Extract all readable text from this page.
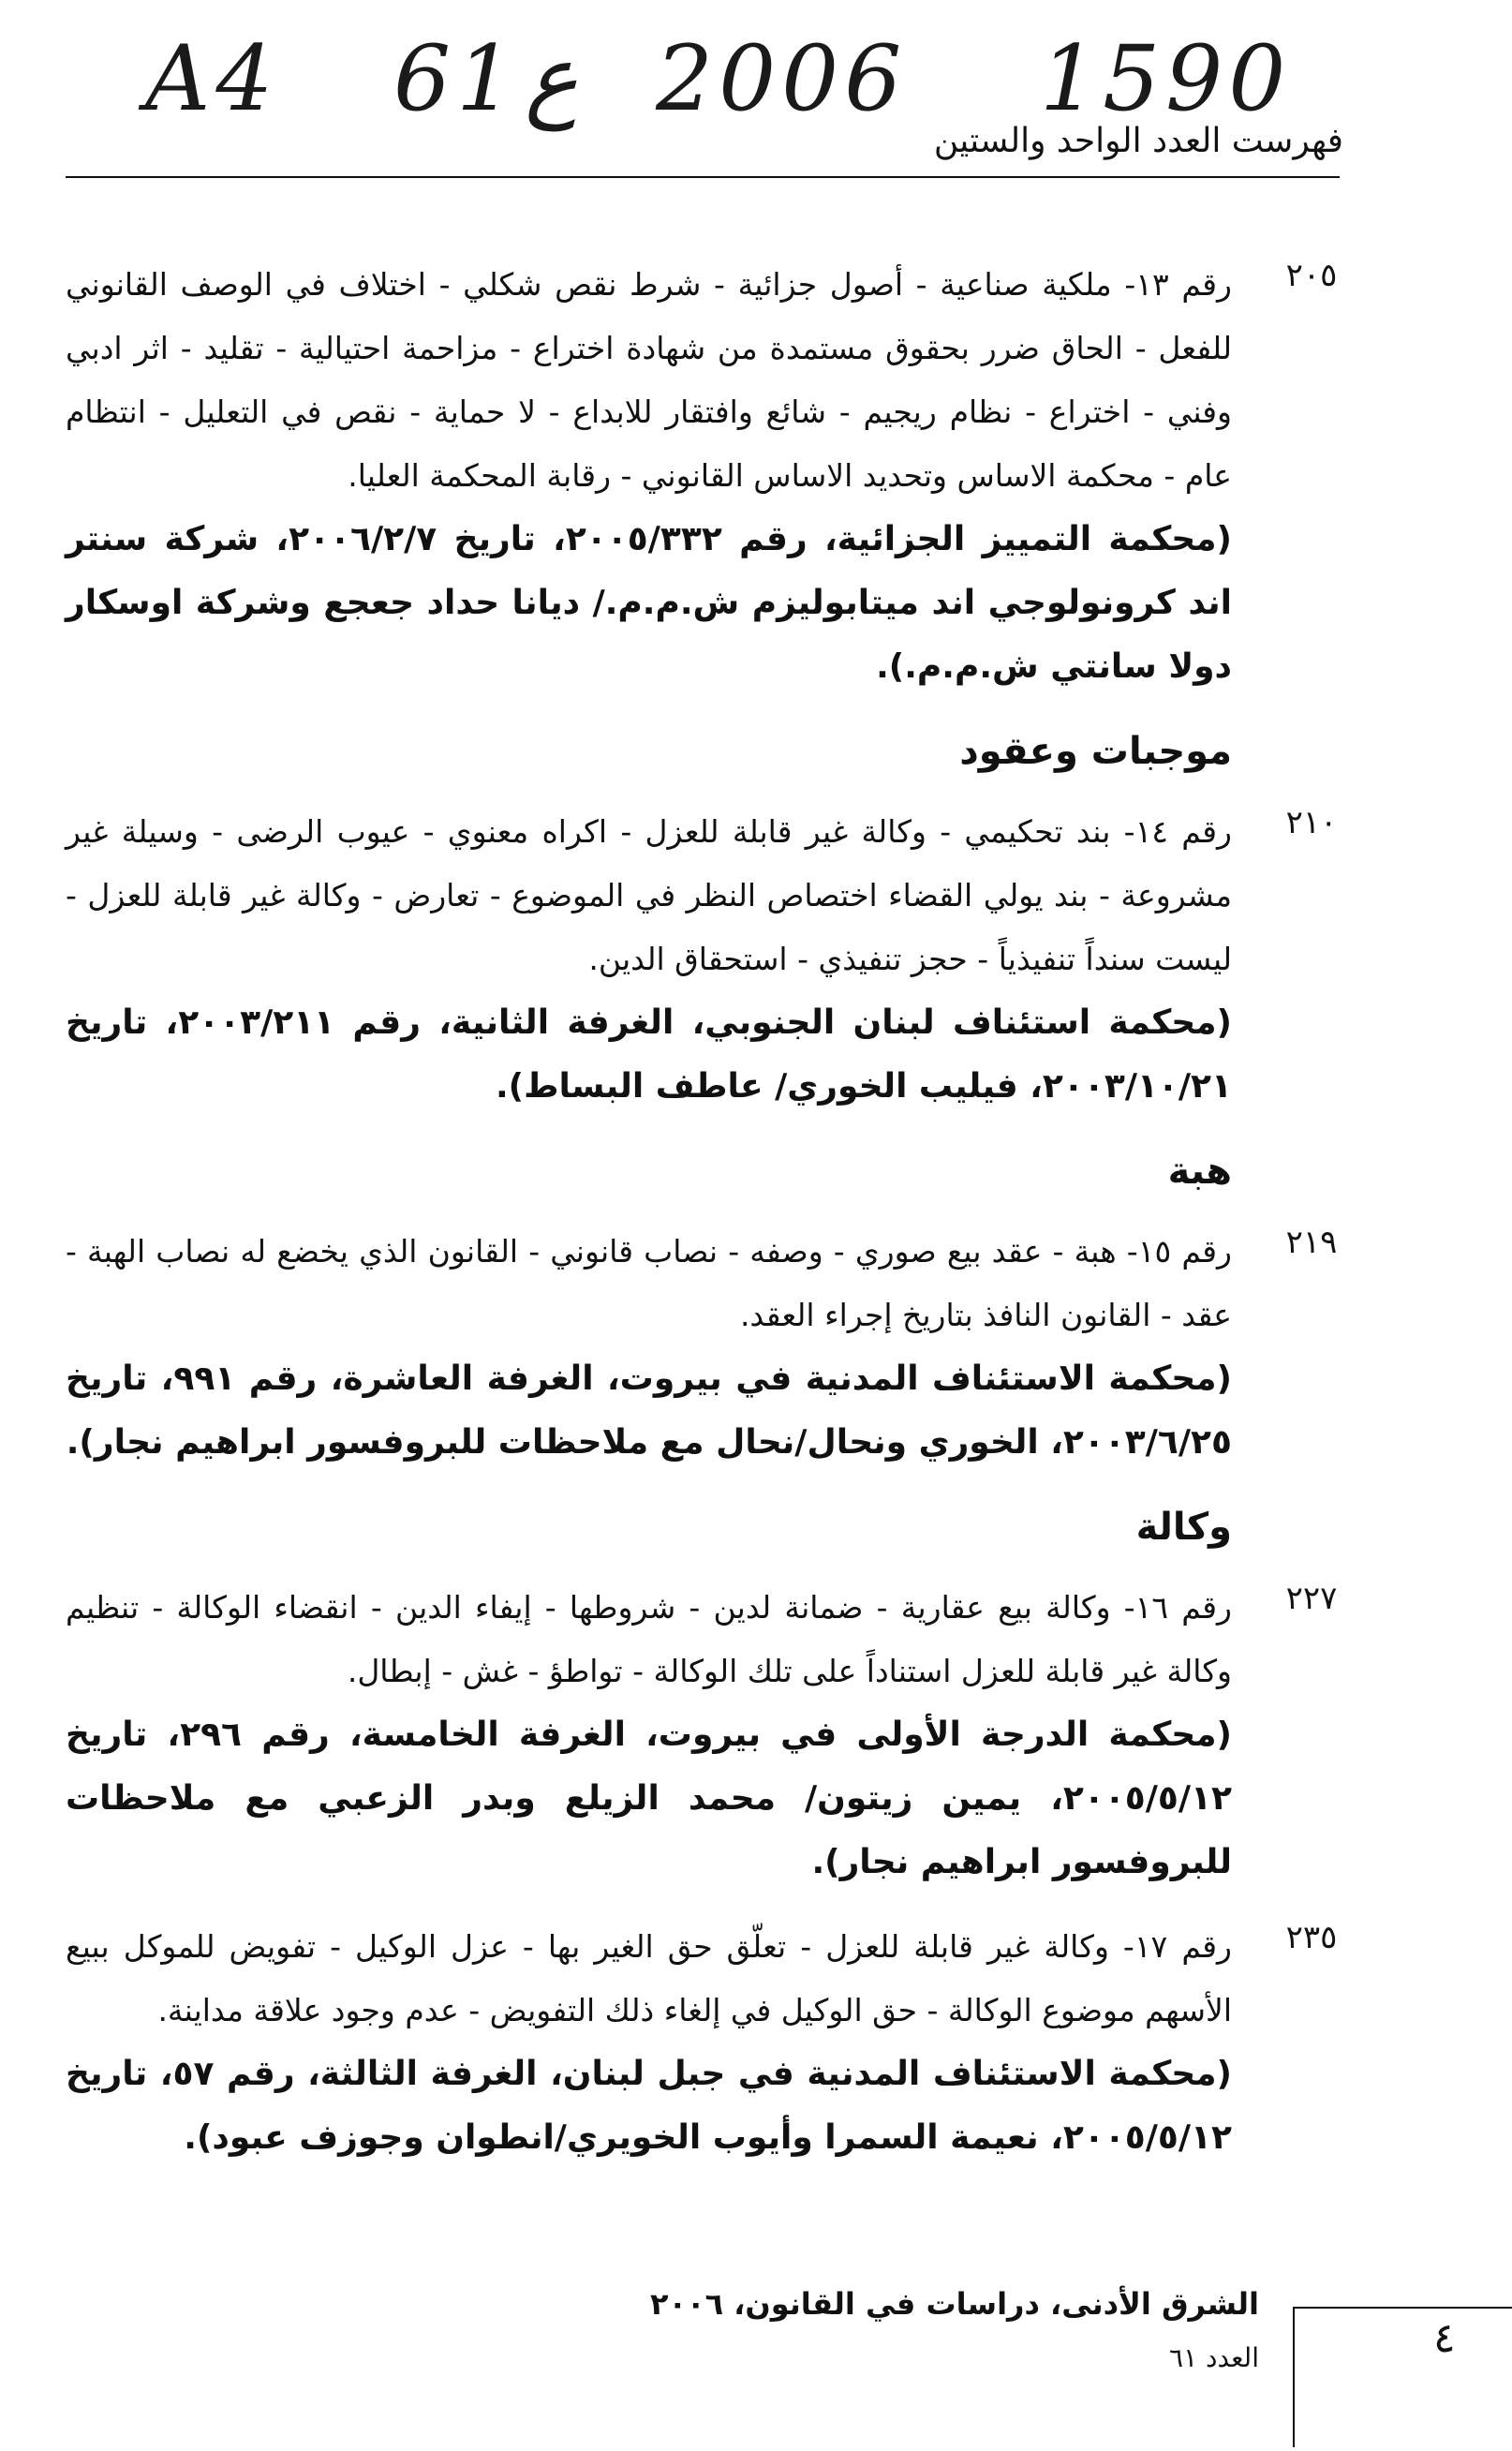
A4 61 ع 2006 1590
فهرست العدد الواحد والستين
٢٠٥

رقم ١٣- ملكية صناعية - أصول جزائية - شرط نقص شكلي - اختلاف في الوصف القانوني للفعل - الحاق ضرر بحقوق مستمدة من شهادة اختراع - مزاحمة احتيالية - تقليد - اثر ادبي وفني - اختراع - نظام ريجيم - شائع وافتقار للابداع - لا حماية - نقص في التعليل - انتظام عام - محكمة الاساس وتحديد الاساس القانوني - رقابة المحكمة العليا.

(محكمة التمييز الجزائية، رقم ٢٠٠٥/٣٣٢، تاريخ ٢٠٠٦/٢/٧، شركة سنتر اند كرونولوجي اند ميتابوليزم ش.م.م./ ديانا حداد جعجع وشركة اوسكار دولا سانتي ش.م.م.).

موجبات وعقود
٢١٠

رقم ١٤- بند تحكيمي - وكالة غير قابلة للعزل - اكراه معنوي - عيوب الرضى - وسيلة غير مشروعة - بند يولي القضاء اختصاص النظر في الموضوع - تعارض - وكالة غير قابلة للعزل - ليست سنداً تنفيذياً - حجز تنفيذي - استحقاق الدين.

(محكمة استئناف لبنان الجنوبي، الغرفة الثانية، رقم ٢٠٠٣/٢١١، تاريخ ٢٠٠٣/١٠/٢١، فيليب الخوري/ عاطف البساط).

هبة
٢١٩

رقم ١٥- هبة - عقد بيع صوري - وصفه - نصاب قانوني - القانون الذي يخضع له نصاب الهبة - عقد - القانون النافذ بتاريخ إجراء العقد.

(محكمة الاستئناف المدنية في بيروت، الغرفة العاشرة، رقم ٩٩١، تاريخ ٢٠٠٣/٦/٢٥، الخوري ونحال/نحال مع ملاحظات للبروفسور ابراهيم نجار).

وكالة
٢٢٧

رقم ١٦- وكالة بيع عقارية - ضمانة لدين - شروطها - إيفاء الدين - انقضاء الوكالة - تنظيم وكالة غير قابلة للعزل استناداً على تلك الوكالة - تواطؤ - غش - إبطال.

(محكمة الدرجة الأولى في بيروت، الغرفة الخامسة، رقم ٢٩٦، تاريخ ٢٠٠٥/٥/١٢، يمين زيتون/ محمد الزيلع وبدر الزعبي مع ملاحظات للبروفسور ابراهيم نجار).

٢٣٥

رقم ١٧- وكالة غير قابلة للعزل - تعلّق حق الغير بها - عزل الوكيل - تفويض للموكل ببيع الأسهم موضوع الوكالة - حق الوكيل في إلغاء ذلك التفويض - عدم وجود علاقة مداينة.

(محكمة الاستئناف المدنية في جبل لبنان، الغرفة الثالثة، رقم ٥٧، تاريخ ٢٠٠٥/٥/١٢، نعيمة السمرا وأيوب الخويري/انطوان وجوزف عبود).

الشرق الأدنى، دراسات في القانون، ٢٠٠٦
العدد ٦١	٤
